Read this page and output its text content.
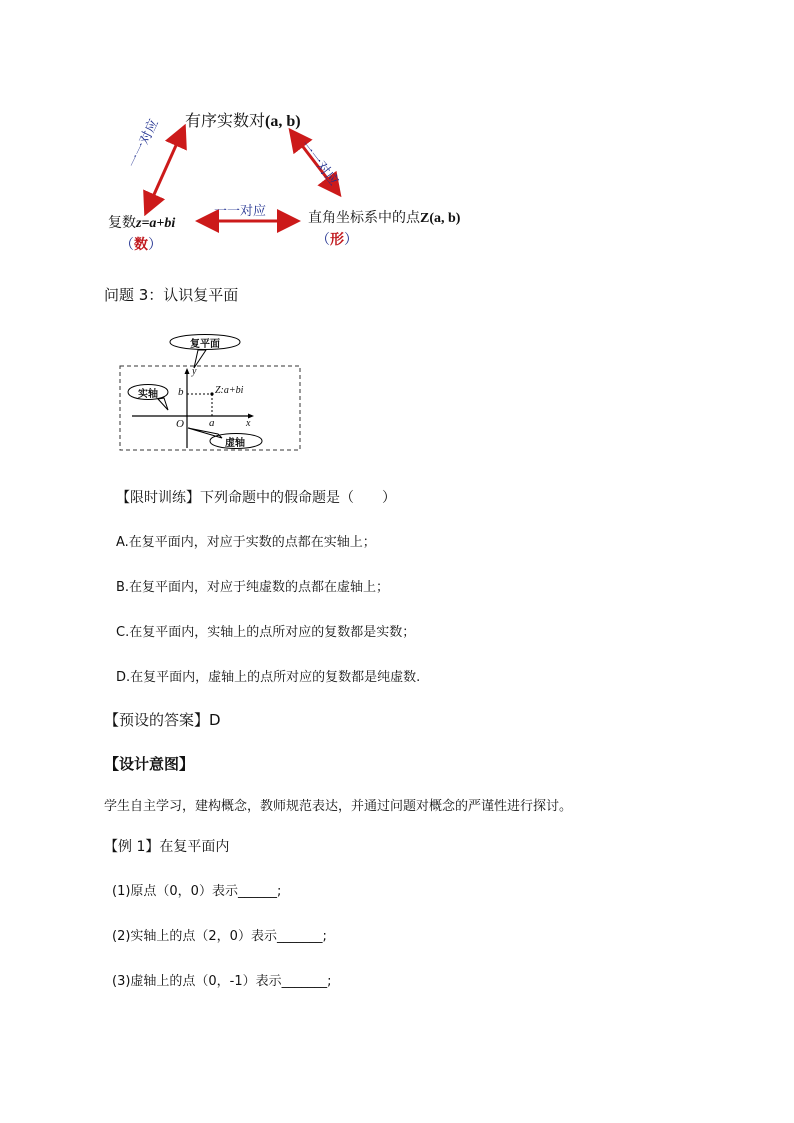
有序实数对(a, b)
复数z=a+bi
（数）
直角坐标系中的点Z(a, b)
（形）
一一对应	一一对应
一一对应
问题 3：认识复平面
复平面
实轴
虚轴
y
x
O
b
a
Z:a+bi
【限时训练】下列命题中的假命题是（　　）
A.在复平面内，对应于实数的点都在实轴上；
B.在复平面内，对应于纯虚数的点都在虚轴上；
C.在复平面内，实轴上的点所对应的复数都是实数；
D.在复平面内，虚轴上的点所对应的复数都是纯虚数.
【预设的答案】D
【设计意图】
学生自主学习，建构概念，教师规范表达，并通过问题对概念的严谨性进行探讨。
【例 1】在复平面内
(1)原点（0，0）表示______;
(2)实轴上的点（2，0）表示_______;
(3)虚轴上的点（0，-1）表示_______;
